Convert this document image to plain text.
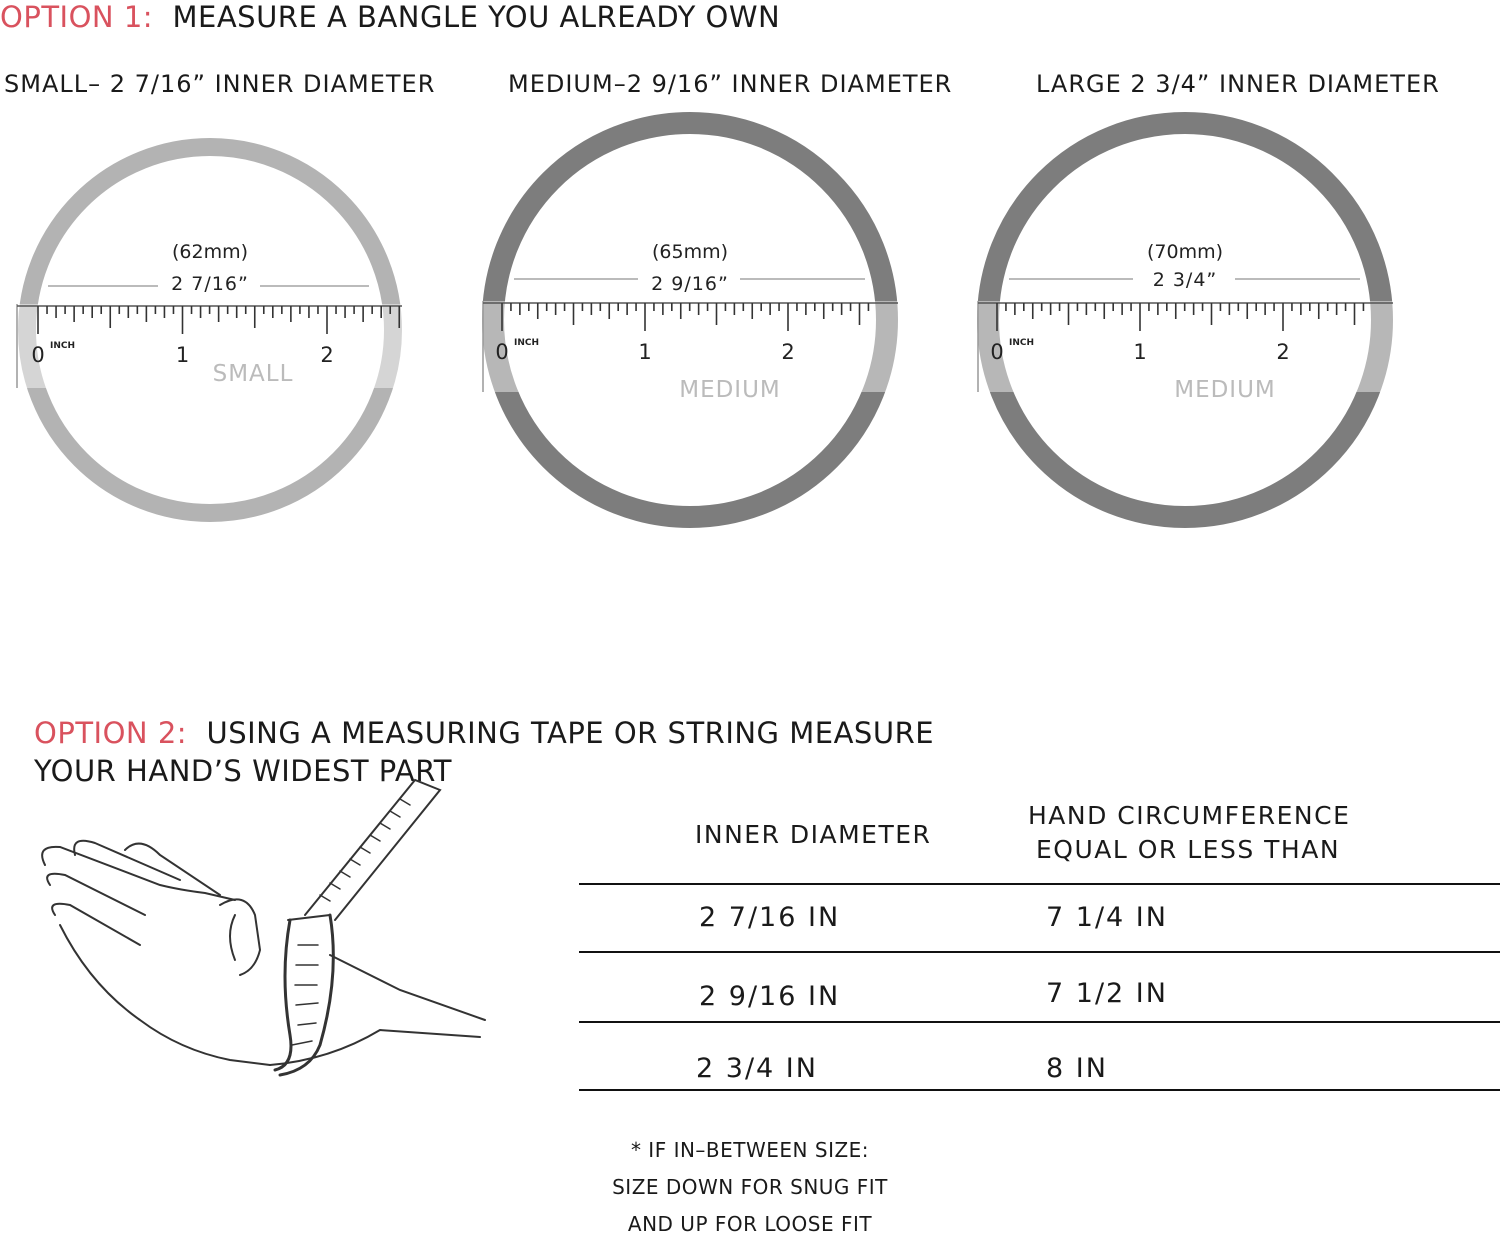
OPTION 1: MEASURE A BANGLE YOU ALREADY OWN
SMALL– 2 7/16” INNER DIAMETER	MEDIUM–2 9/16” INNER DIAMETER	LARGE 2 3/4” INNER DIAMETER
0	1	2
INCH
(62mm)
2 7/16”
SMALL
0	1	2
INCH
(65mm)
2 9/16”
MEDIUM
0	1	2
INCH
(70mm)
2 3/4”
MEDIUM
OPTION 2: USING A MEASURING TAPE OR STRING MEASURE
YOUR HAND’S WIDEST PART
INNER DIAMETER
HAND CIRCUMFERENCE
EQUAL OR LESS THAN
2 7/16 IN	7 1/4 IN
2 9/16 IN	7 1/2 IN
2 3/4 IN	8 IN
* IF IN–BETWEEN SIZE:
SIZE DOWN FOR SNUG FIT
AND UP FOR LOOSE FIT
